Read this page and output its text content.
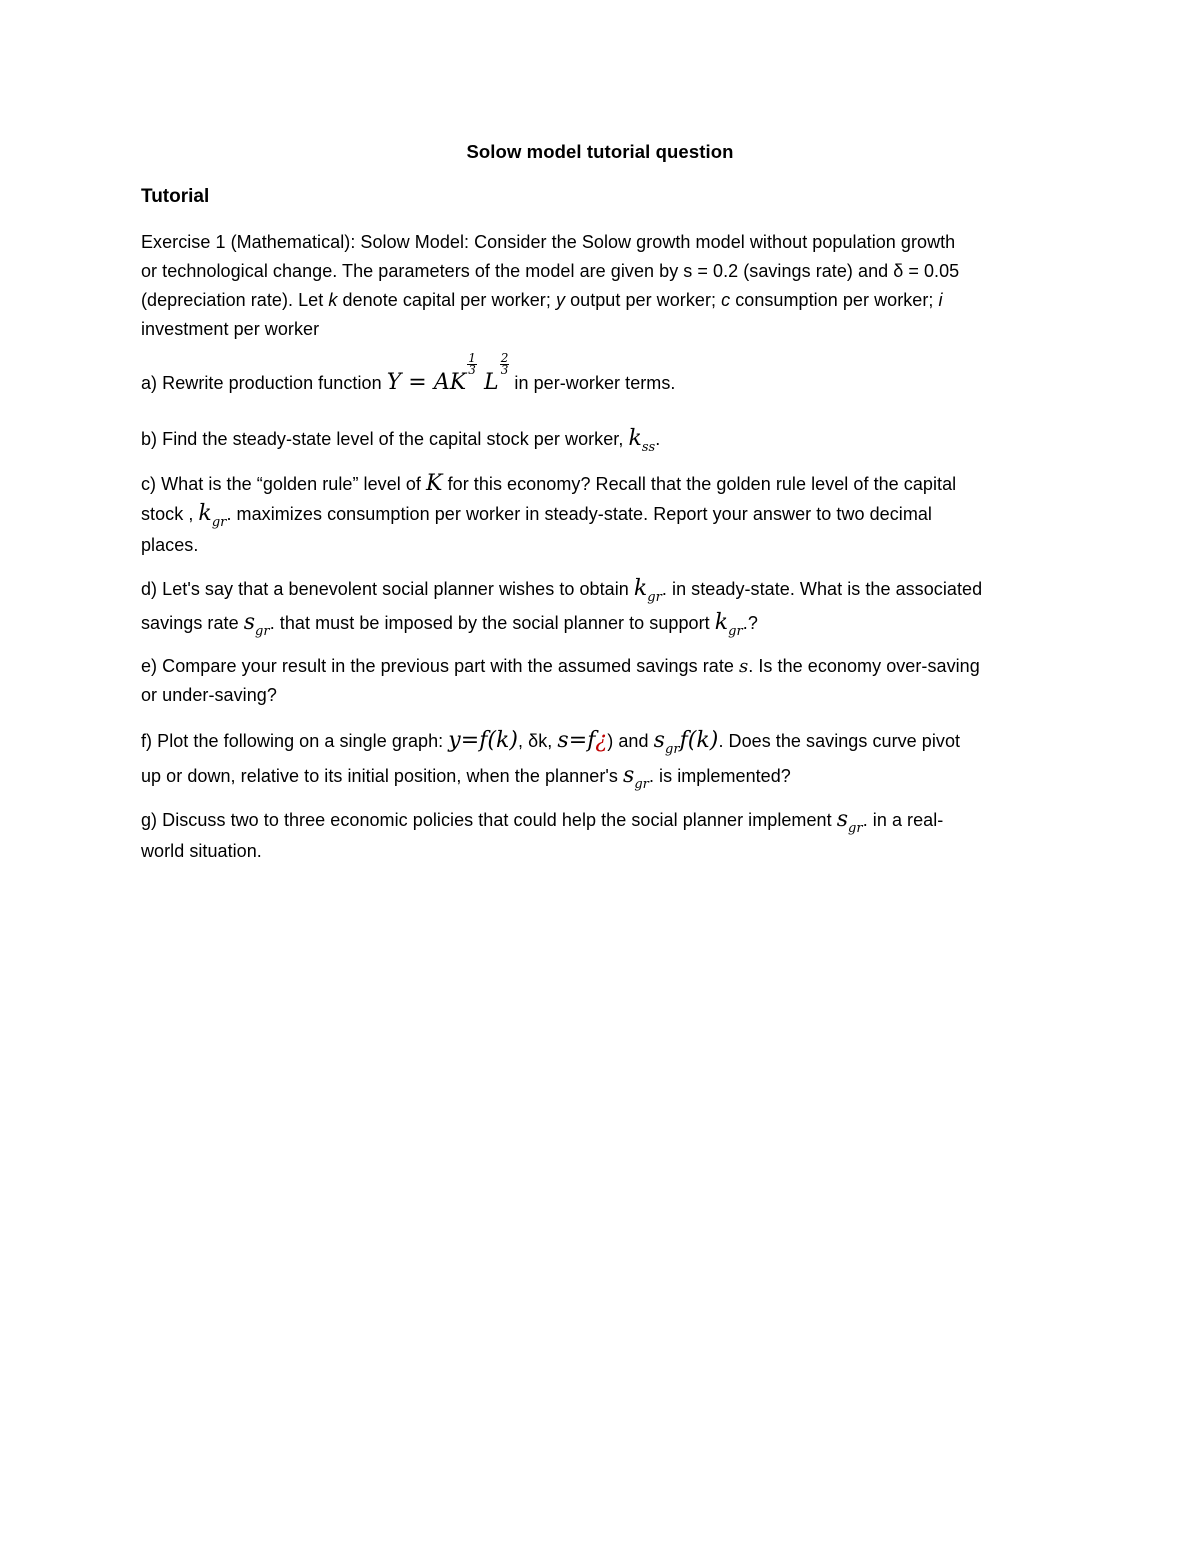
Solow model tutorial question
Tutorial
Exercise 1 (Mathematical): Solow Model: Consider the Solow growth model without population growth
or technological change. The parameters of the model are given by s = 0.2 (savings rate) and δ = 0.05
(depreciation rate). Let k denote capital per worker; y output per worker; c consumption per worker; i
investment per worker
a) Rewrite production function Y = AK
$\frac{1}{3}$
L
$\frac{2}{3}$
in per-worker terms.
b) Find the steady-state level of the capital stock per worker, $k_{ss}$.
c) What is the “golden rule” level of K for this economy? Recall that the golden rule level of the capital
stock , $k_{gr}$. maximizes consumption per worker in steady-state. Report your answer to two decimal
places.
d) Let's say that a benevolent social planner wishes to obtain $k_{gr}$. in steady-state. What is the associated
savings rate $s_{gr}$. that must be imposed by the social planner to support $k_{gr}$.?
e) Compare your result in the previous part with the assumed savings rate s. Is the economy over-saving
or under-saving?
f) Plot the following on a single graph: y=f(k), δk, s=f¿) and $s_{gr}f(k)$. Does the savings curve pivot
up or down, relative to its initial position, when the planner's $s_{gr}$. is implemented?
g) Discuss two to three economic policies that could help the social planner implement $s_{gr}$. in a real-
world situation.
